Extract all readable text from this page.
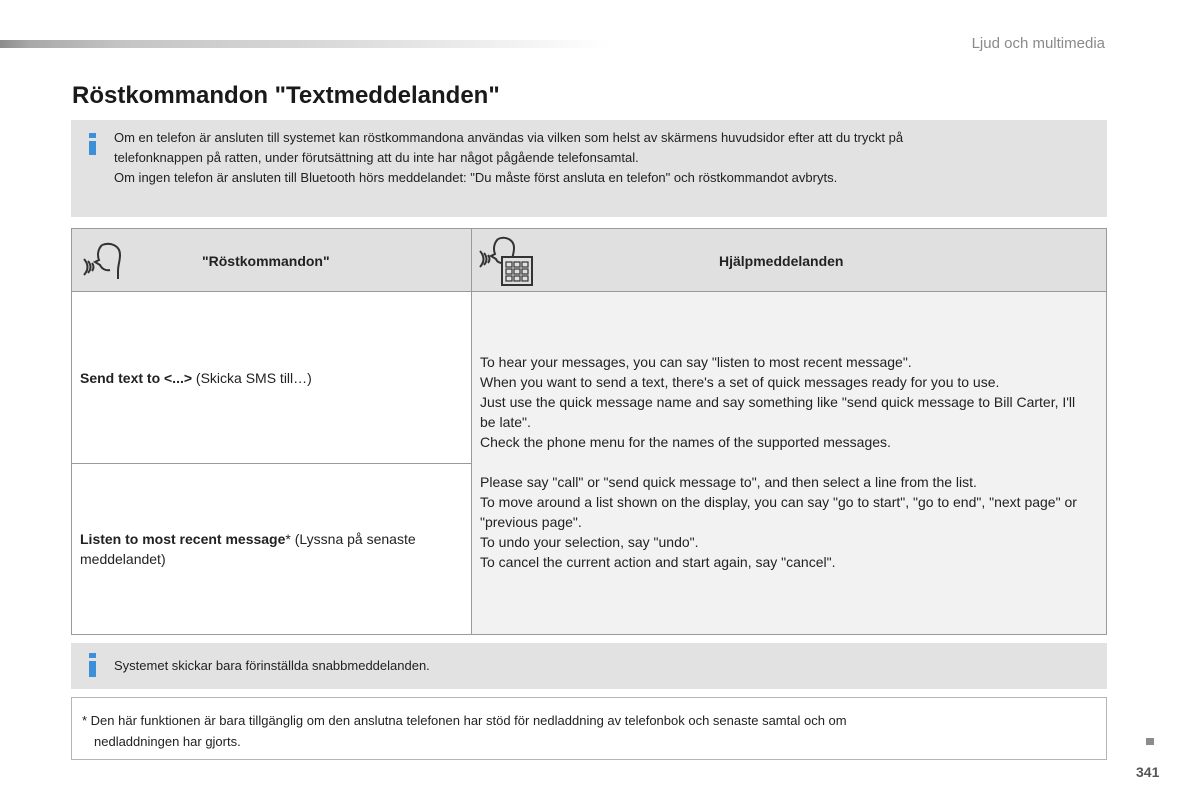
Ljud och multimedia
Röstkommandon "Textmeddelanden"

Om en telefon är ansluten till systemet kan röstkommandona användas via vilken som helst av skärmens huvudsidor efter att du tryckt på

telefonknappen på ratten, under förutsättning att du inte har något pågående telefonsamtal.

Om ingen telefon är ansluten till Bluetooth hörs meddelandet: "Du måste först ansluta en telefon" och röstkommandot avbryts.

"Röstkommandon"	Hjälpmeddelanden
Send text to <...> (Skicka SMS till…)
Listen to most recent message* (Lyssna på senaste meddelandet)

To hear your messages, you can say "listen to most recent message".

When you want to send a text, there's a set of quick messages ready for you to use.

Just use the quick message name and say something like "send quick message to Bill Carter, I'll be late".

Check the phone menu for the names of the supported messages.

Please say "call" or "send quick message to", and then select a line from the list.

To move around a list shown on the display, you can say "go to start", "go to end", "next page" or "previous page".

To undo your selection, say "undo".

To cancel the current action and start again, say "cancel".

Systemet skickar bara förinställda snabbmeddelanden.

* Den här funktionen är bara tillgänglig om den anslutna telefonen har stöd för nedladdning av telefonbok och senaste samtal och om

nedladdningen har gjorts.

341
